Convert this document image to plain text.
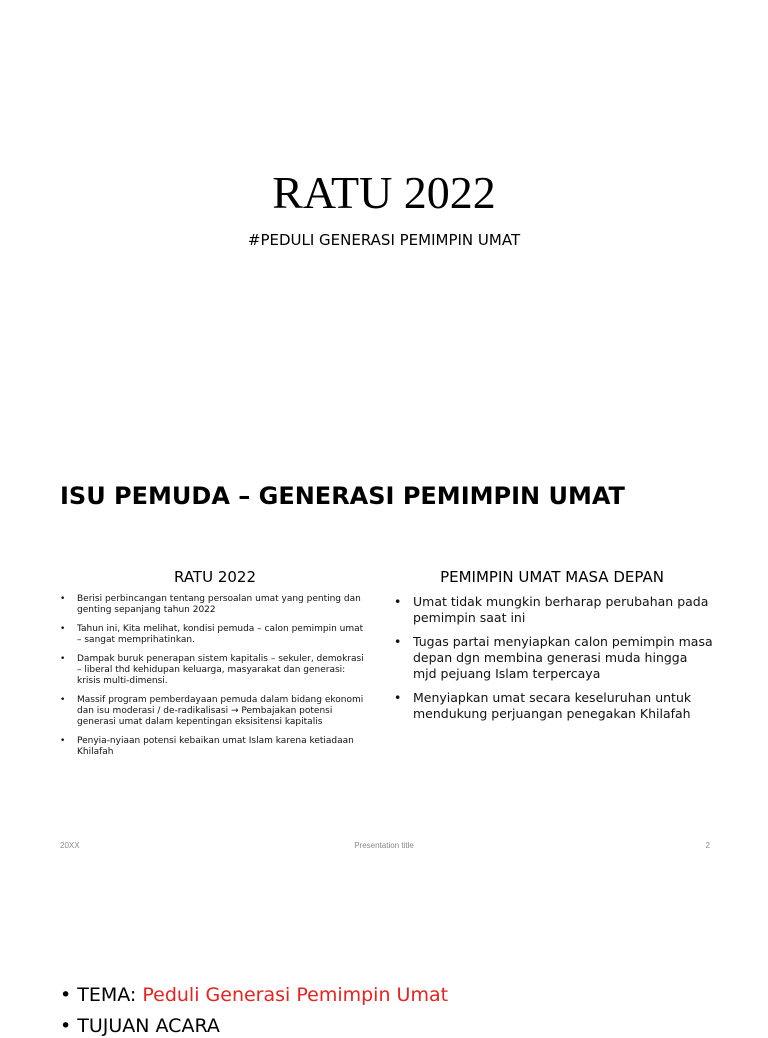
RATU 2022
#PEDULI GENERASI PEMIMPIN UMAT
ISU PEMUDA – GENERASI PEMIMPIN UMAT
RATU 2022
• Berisi perbincangan tentang persoalan umat yang penting dan genting sepanjang tahun 2022
• Tahun ini, Kita melihat, kondisi pemuda – calon pemimpin umat – sangat memprihatinkan.
• Dampak buruk penerapan sistem kapitalis – sekuler, demokrasi – liberal thd kehidupan keluarga, masyarakat dan generasi: krisis multi-dimensi.
• Massif program pemberdayaan pemuda dalam bidang ekonomi dan isu moderasi / de-radikalisasi → Pembajakan potensi generasi umat dalam kepentingan eksisitensi kapitalis
• Penyia-nyiaan potensi kebaikan umat Islam karena ketiadaan Khilafah
PEMIMPIN UMAT MASA DEPAN
• Umat tidak mungkin berharap perubahan pada pemimpin saat ini
• Tugas partai menyiapkan calon pemimpin masa depan dgn membina generasi muda hingga mjd pejuang Islam terpercaya
• Menyiapkan umat secara keseluruhan untuk mendukung perjuangan penegakan Khilafah
20XX	Presentation title	2
• TEMA: Peduli Generasi Pemimpin Umat
• TUJUAN ACARA
